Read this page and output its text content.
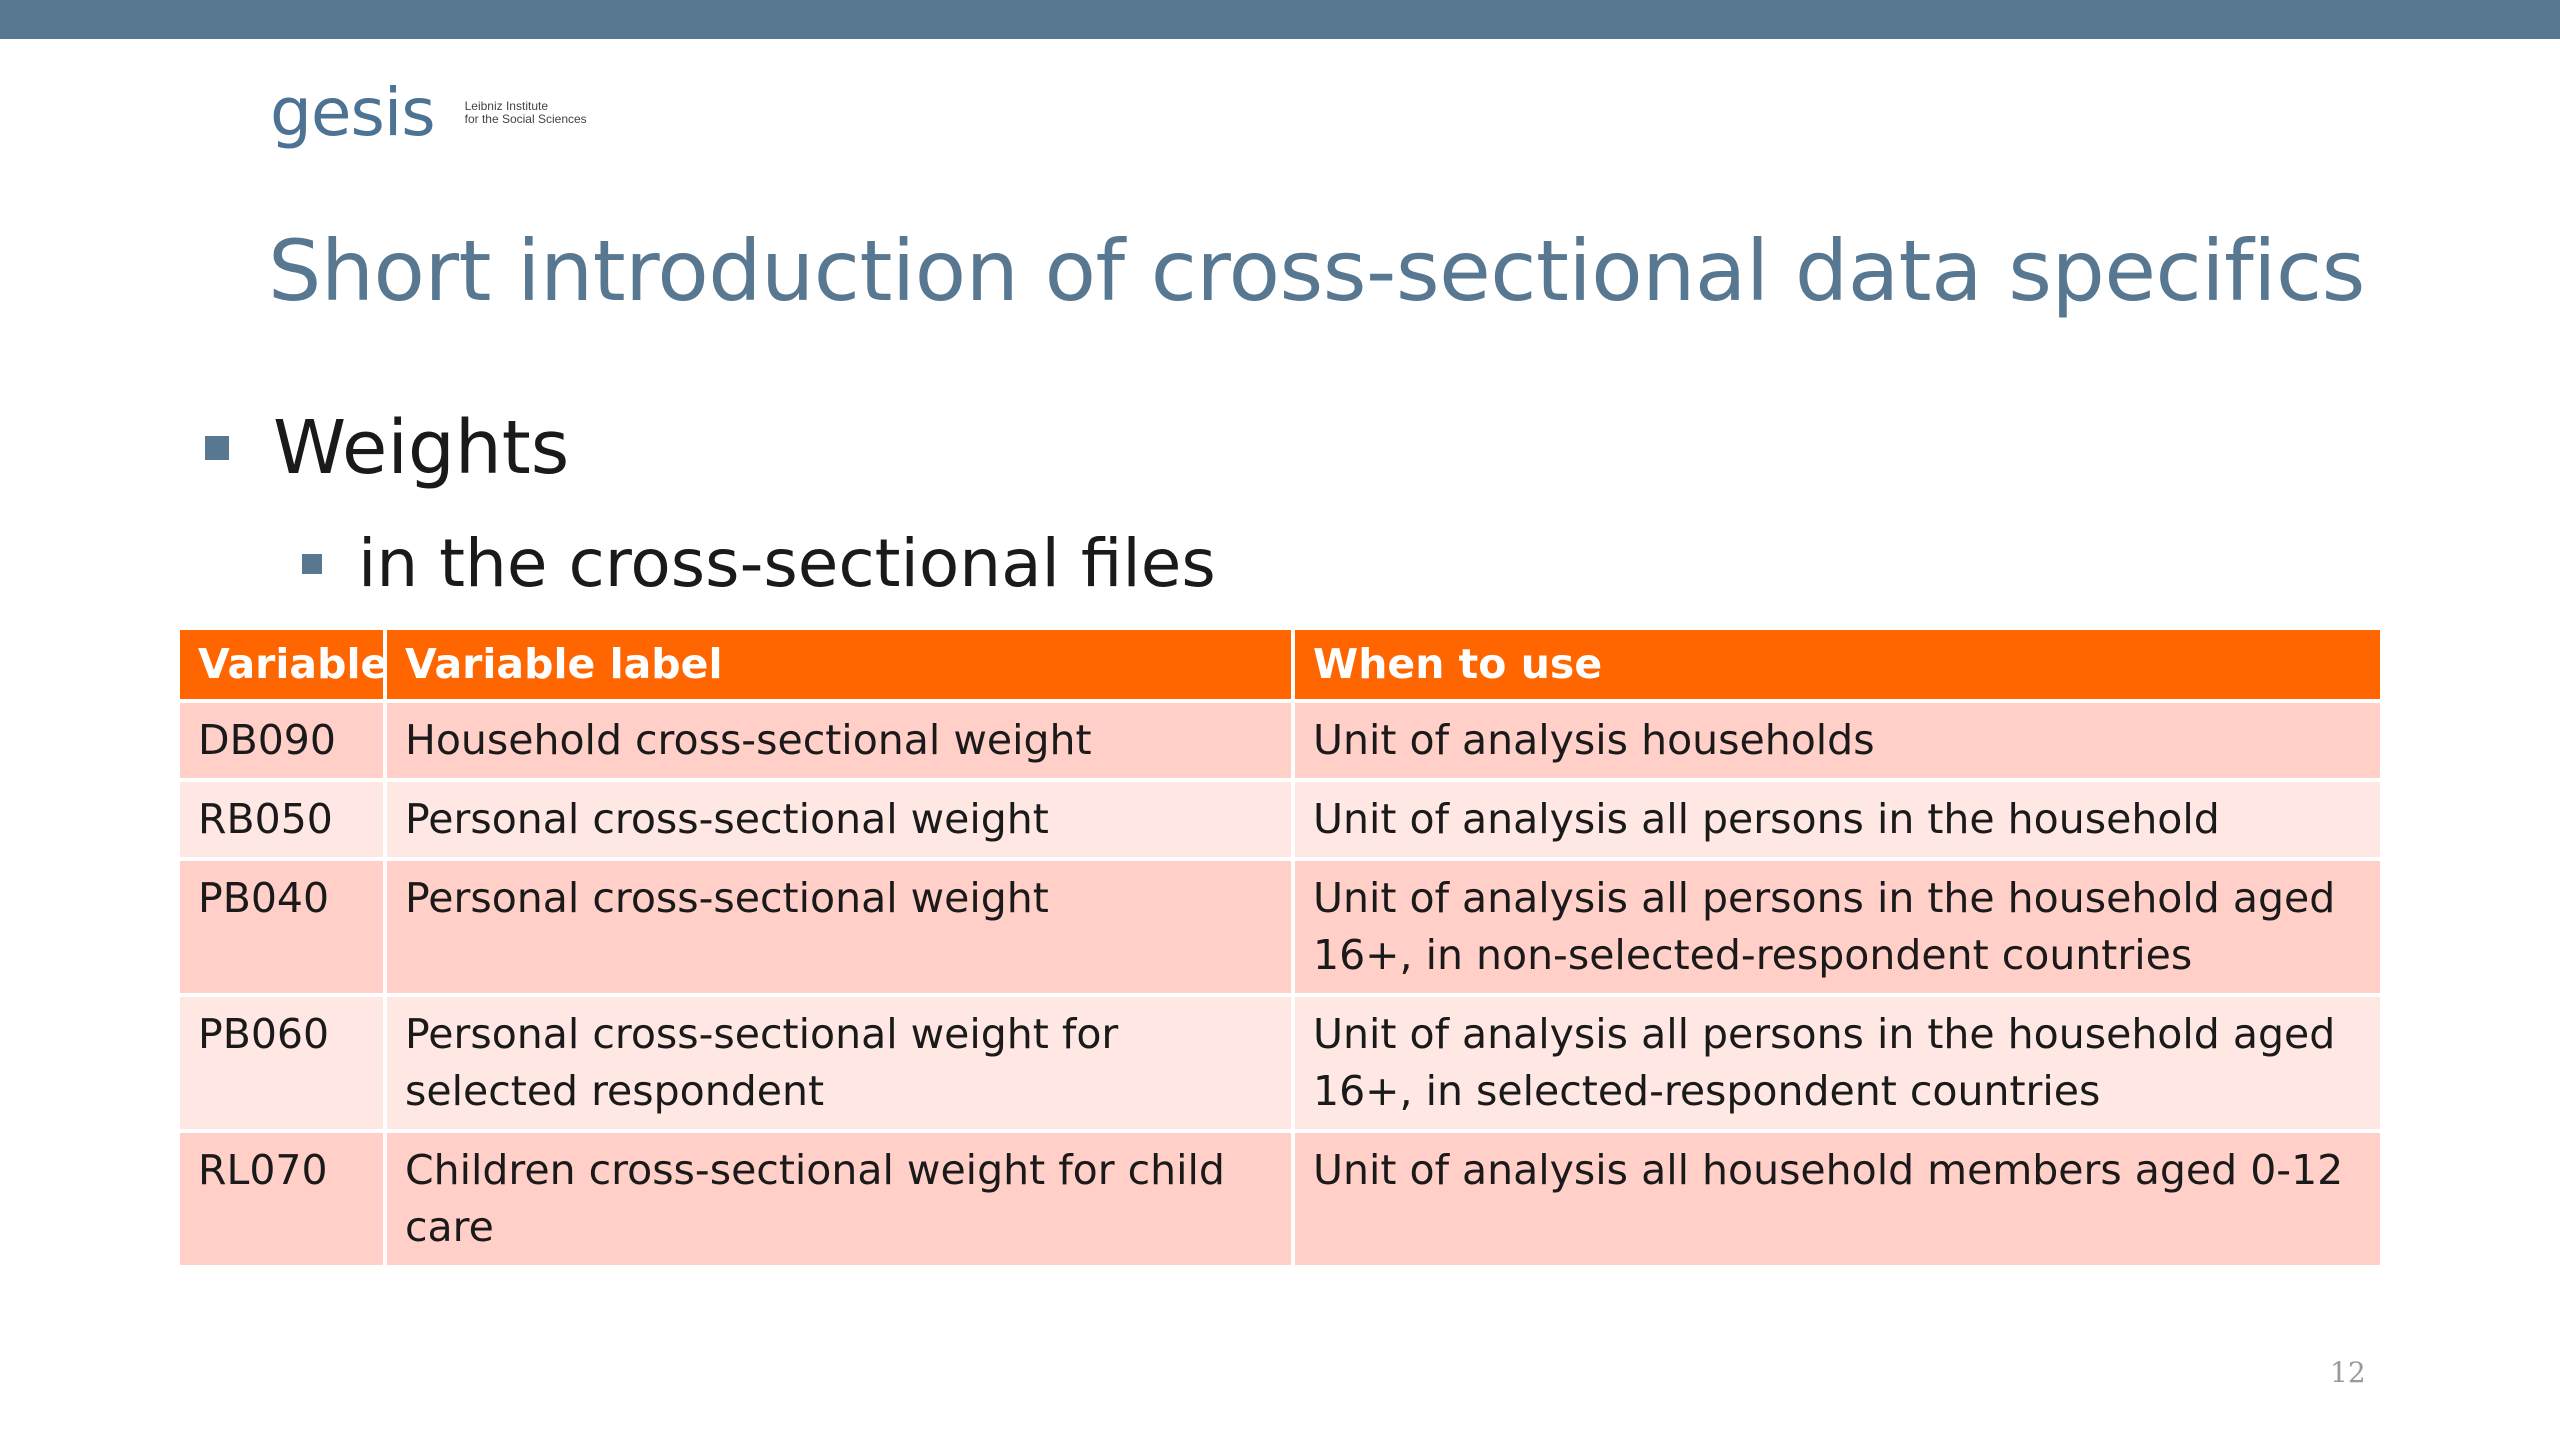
gesis	Leibniz Institute
for the Social Sciences
Short introduction of cross-sectional data specifics
Weights
in the cross-sectional files
Variable	Variable label	When to use
DB090	Household cross-sectional weight	Unit of analysis households
RB050	Personal cross-sectional weight	Unit of analysis all persons in the household
PB040	Personal cross-sectional weight	Unit of analysis all persons in the household aged 16+, in non-selected-respondent countries
PB060	Personal cross-sectional weight for selected respondent	Unit of analysis all persons in the household aged 16+, in selected-respondent countries
RL070	Children cross-sectional weight for child care	Unit of analysis all household members aged 0-12
12
